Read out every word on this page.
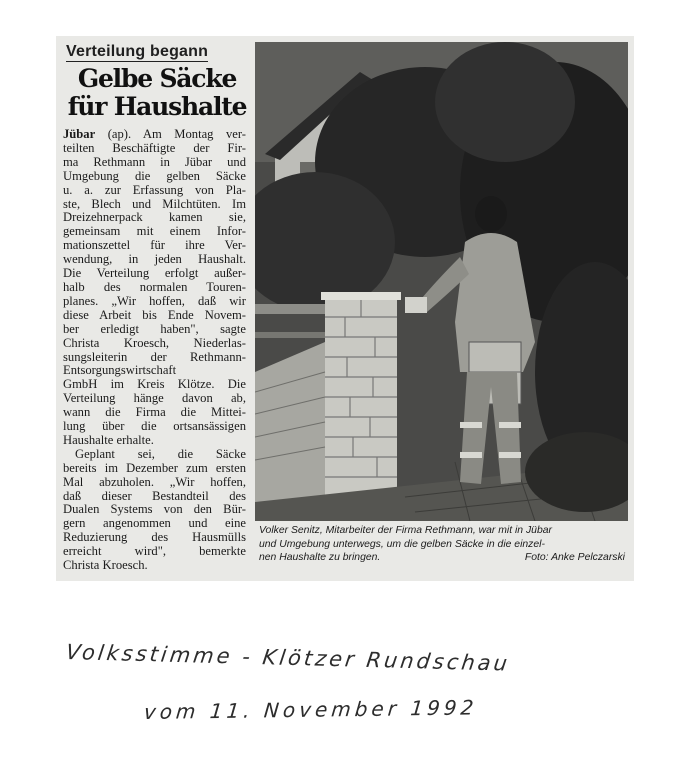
Verteilung begann
Gelbe Säcke
für Haushalte
Jübar (ap). Am Montag ver-
teilten Beschäftigte der Fir-
ma Rethmann in Jübar und
Umgebung die gelben Säcke
u. a. zur Erfassung von Pla-
ste, Blech und Milchtüten. Im
Dreizehnerpack kamen sie,
gemeinsam mit einem Infor-
mationszettel für ihre Ver-
wendung, in jeden Haushalt.
Die Verteilung erfolgt außer-
halb des normalen Touren-
planes. „Wir hoffen, daß wir
diese Arbeit bis Ende Novem-
ber erledigt haben", sagte
Christa Kroesch, Niederlas-
sungsleiterin der Rethmann-
Entsorgungswirtschaft
GmbH im Kreis Klötze. Die
Verteilung hänge davon ab,
wann die Firma die Mittei-
lung über die ortsansässigen
Haushalte erhalte.
Geplant sei, die Säcke
bereits im Dezember zum ersten
Mal abzuholen. „Wir hoffen,
daß dieser Bestandteil des
Dualen Systems von den Bür-
gern angenommen und eine
Reduzierung des Hausmülls
erreicht wird", bemerkte
Christa Kroesch.
Volker Senitz, Mitarbeiter der Firma Rethmann, war mit in Jübar
und Umgebung unterwegs, um die gelben Säcke in die einzel-
nen Haushalte zu bringen.	Foto: Anke Pelczarski
Volksstimme - Klötzer Rundschau
vom 11. November 1992
